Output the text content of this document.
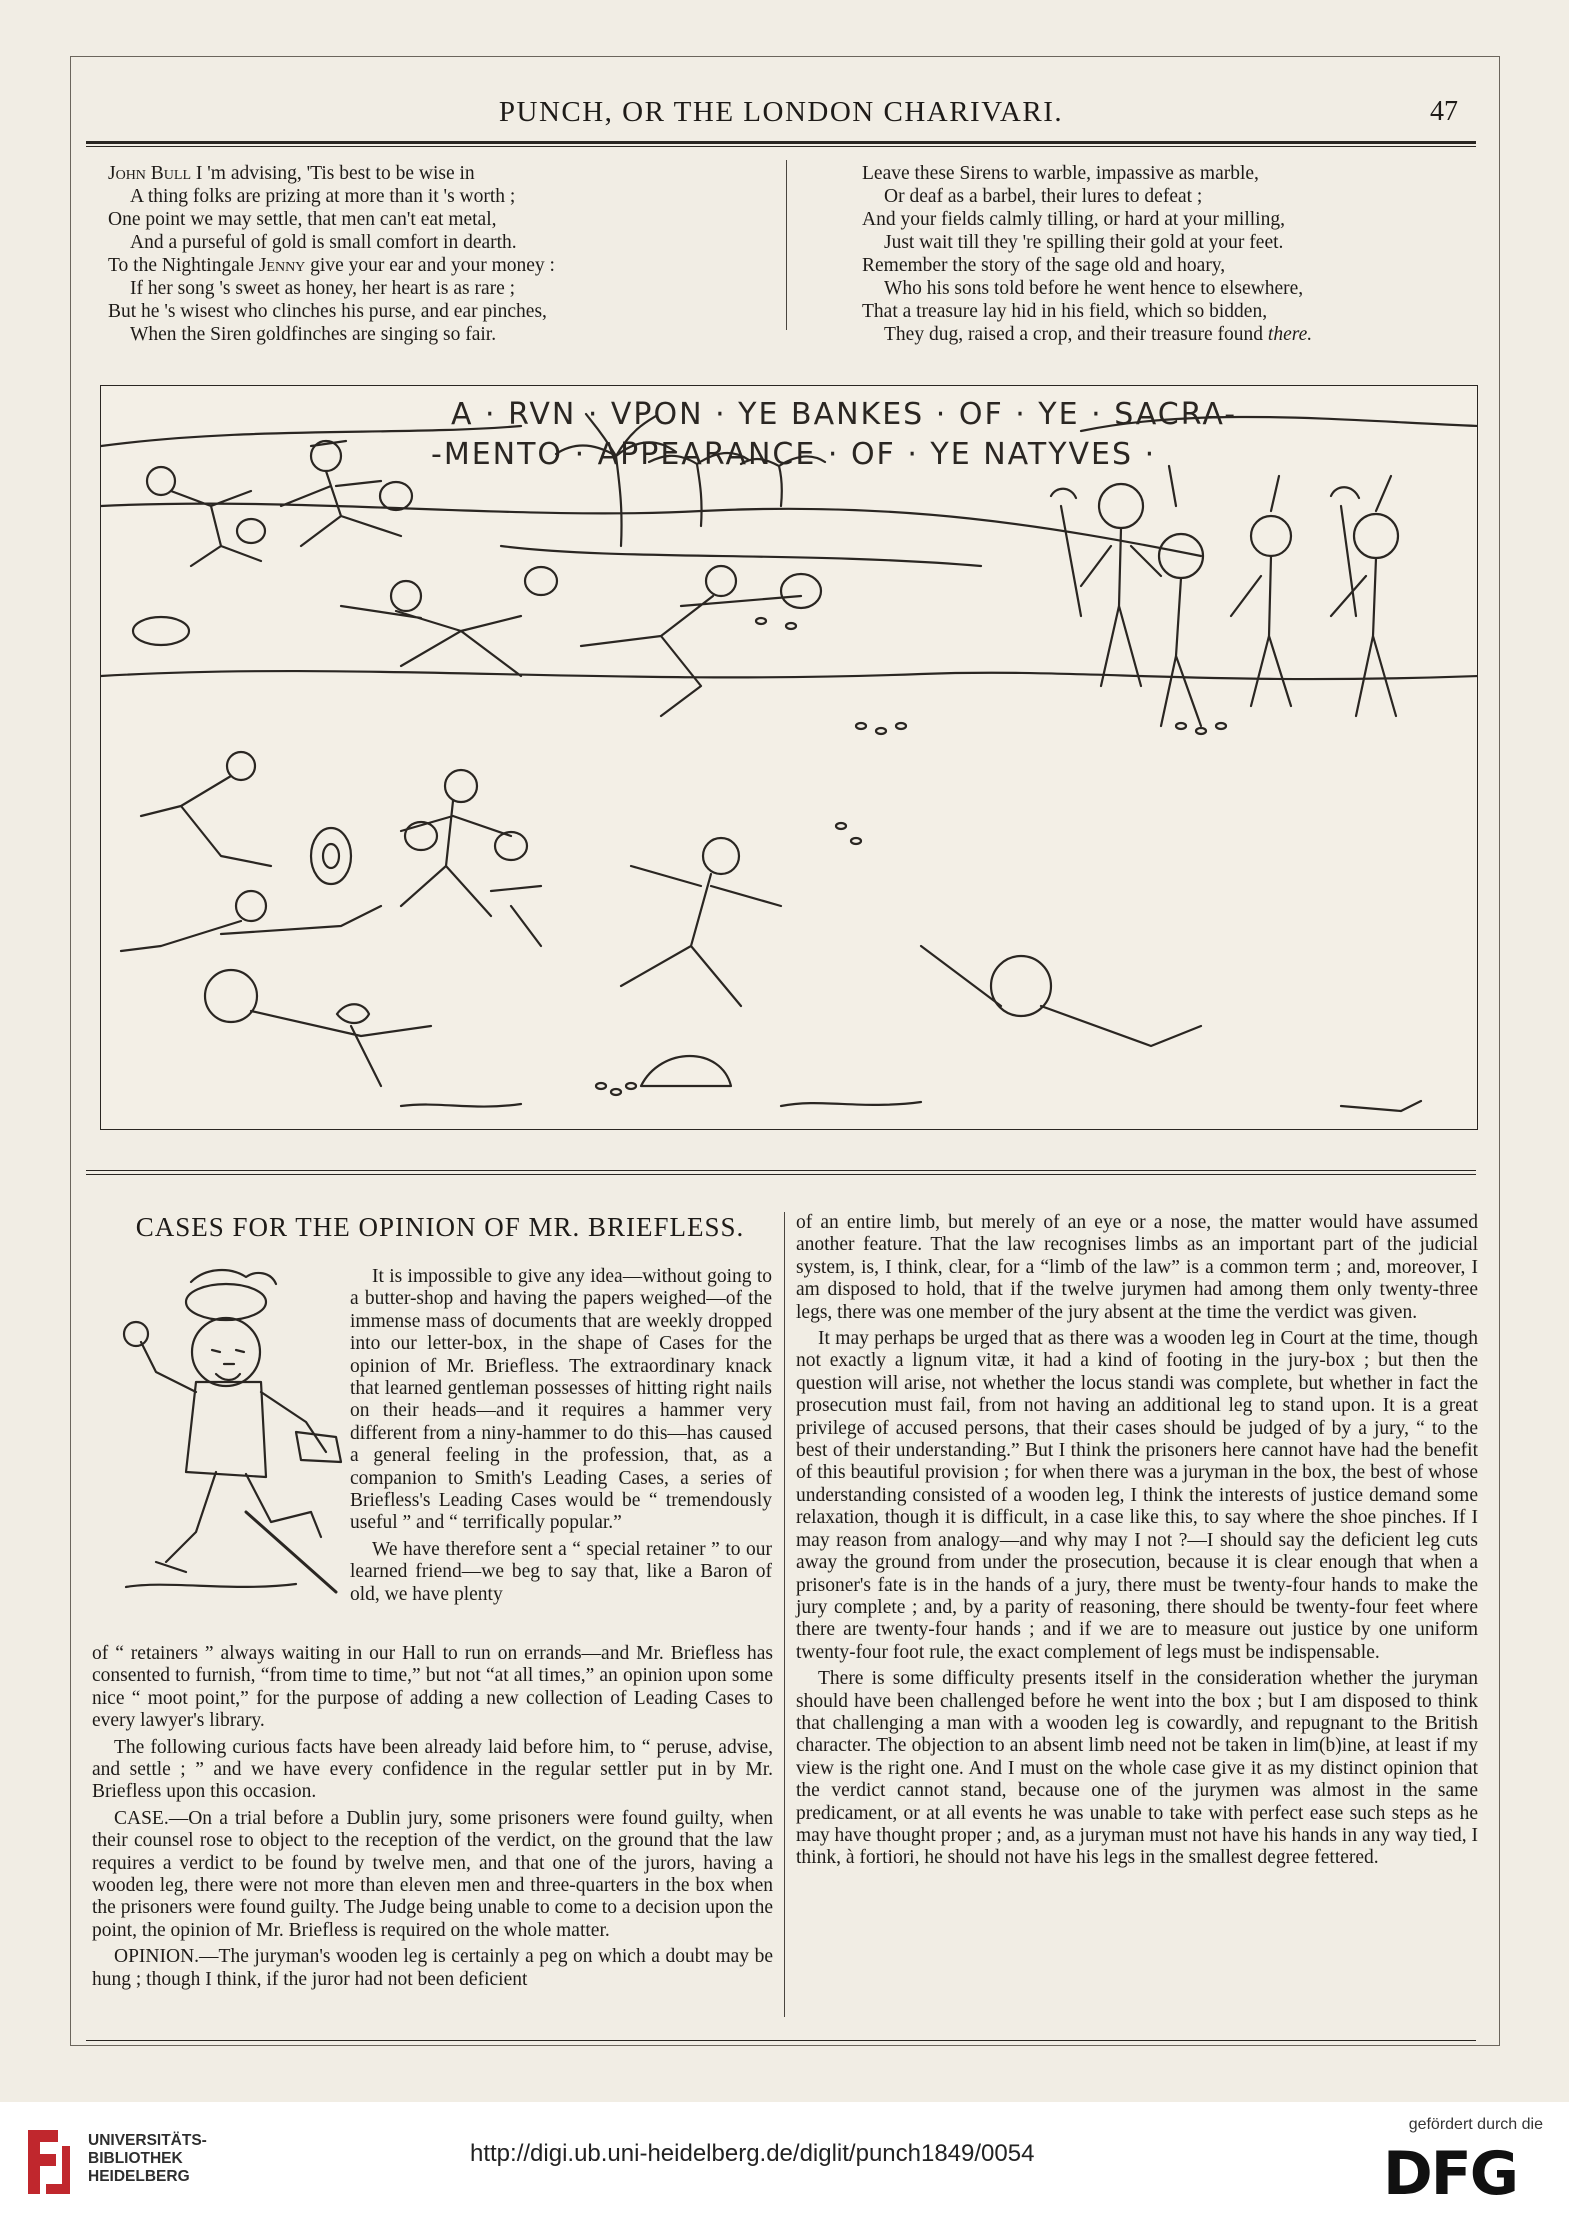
PUNCH, OR THE LONDON CHARIVARI.	47
John Bull I 'm advising, 'Tis best to be wise in
A thing folks are prizing at more than it 's worth ;
One point we may settle, that men can't eat metal,
And a purseful of gold is small comfort in dearth.
To the Nightingale Jenny give your ear and your money :
If her song 's sweet as honey, her heart is as rare ;
But he 's wisest who clinches his purse, and ear pinches,
When the Siren goldfinches are singing so fair.
Leave these Sirens to warble, impassive as marble,
Or deaf as a barbel, their lures to defeat ;
And your fields calmly tilling, or hard at your milling,
Just wait till they 're spilling their gold at your feet.
Remember the story of the sage old and hoary,
Who his sons told before he went hence to elsewhere,
That a treasure lay hid in his field, which so bidden,
They dug, raised a crop, and their treasure found there.
A · RVN · VPON · YE BANKES · OF · YE · SACRA-
-MENTO · APPEARANCE · OF · YE NATYVES ·
CASES FOR THE OPINION OF MR. BRIEFLESS.

It is impossible to give any idea—without going to a butter-shop and having the papers weighed—of the immense mass of documents that are weekly dropped into our letter-box, in the shape of Cases for the opinion of Mr. Briefless. The extraordinary knack that learned gentleman possesses of hitting right nails on their heads—and it requires a hammer very different from a niny-hammer to do this—has caused a general feeling in the profession, that, as a companion to Smith's Leading Cases, a series of Briefless's Leading Cases would be “ tremendously useful ” and “ terrifically popular.”

We have therefore sent a “ special retainer ” to our learned friend—we beg to say that, like a Baron of old, we have plenty

of “ retainers ” always waiting in our Hall to run on errands—and Mr. Briefless has consented to furnish, “from time to time,” but not “at all times,” an opinion upon some nice “ moot point,” for the purpose of adding a new collection of Leading Cases to every lawyer's library.

The following curious facts have been already laid before him, to “ peruse, advise, and settle ; ” and we have every confidence in the regular settler put in by Mr. Briefless upon this occasion.

CASE.—On a trial before a Dublin jury, some prisoners were found guilty, when their counsel rose to object to the reception of the verdict, on the ground that the law requires a verdict to be found by twelve men, and that one of the jurors, having a wooden leg, there were not more than eleven men and three-quarters in the box when the prisoners were found guilty. The Judge being unable to come to a decision upon the point, the opinion of Mr. Briefless is required on the whole matter.

OPINION.—The juryman's wooden leg is certainly a peg on which a doubt may be hung ; though I think, if the juror had not been deficient

of an entire limb, but merely of an eye or a nose, the matter would have assumed another feature. That the law recognises limbs as an important part of the judicial system, is, I think, clear, for a “limb of the law” is a common term ; and, moreover, I am disposed to hold, that if the twelve jurymen had among them only twenty-three legs, there was one member of the jury absent at the time the verdict was given.

It may perhaps be urged that as there was a wooden leg in Court at the time, though not exactly a lignum vitæ, it had a kind of footing in the jury-box ; but then the question will arise, not whether the locus standi was complete, but whether in fact the prosecution must fail, from not having an additional leg to stand upon. It is a great privilege of accused persons, that their cases should be judged of by a jury, “ to the best of their understanding.” But I think the prisoners here cannot have had the benefit of this beautiful provision ; for when there was a juryman in the box, the best of whose understanding consisted of a wooden leg, I think the interests of justice demand some relaxation, though it is difficult, in a case like this, to say where the shoe pinches. If I may reason from analogy—and why may I not ?—I should say the deficient leg cuts away the ground from under the prosecution, because it is clear enough that when a prisoner's fate is in the hands of a jury, there must be twenty-four hands to make the jury complete ; and, by a parity of reasoning, there should be twenty-four feet where there are twenty-four hands ; and if we are to measure out justice by one uniform twenty-four foot rule, the exact complement of legs must be indispensable.

There is some difficulty presents itself in the consideration whether the juryman should have been challenged before he went into the box ; but I am disposed to think that challenging a man with a wooden leg is cowardly, and repugnant to the British character. The objection to an absent limb need not be taken in lim(b)ine, at least if my view is the right one. And I must on the whole case give it as my distinct opinion that the verdict cannot stand, because one of the jurymen was almost in the same predicament, or at all events he was unable to take with perfect ease such steps as he may have thought proper ; and, as a juryman must not have his hands in any way tied, I think, à fortiori, he should not have his legs in the smallest degree fettered.

UNIVERSITÄTS-
BIBLIOTHEK
HEIDELBERG
http://digi.ub.uni-heidelberg.de/diglit/punch1849/0054
gefördert durch die
DFG
